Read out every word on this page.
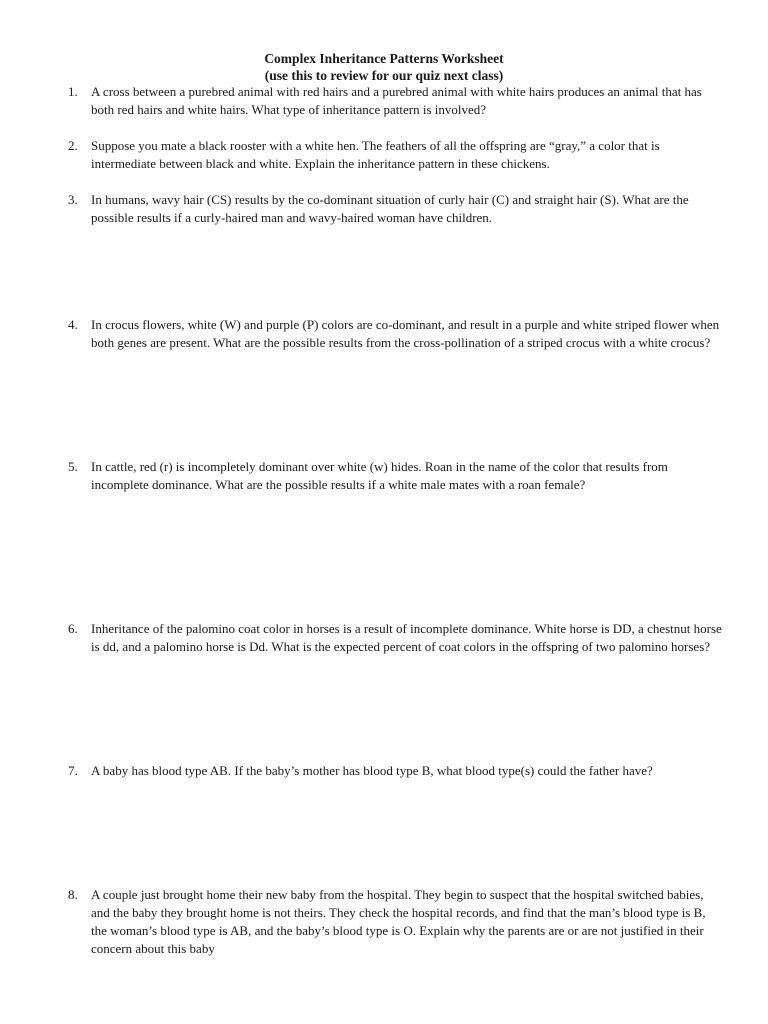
Complex Inheritance Patterns Worksheet
(use this to review for our quiz next class)
1.	A cross between a purebred animal with red hairs and a purebred animal with white hairs produces an animal that has both red hairs and white hairs. What type of inheritance pattern is involved?
2.	Suppose you mate a black rooster with a white hen. The feathers of all the offspring are “gray,” a color that is intermediate between black and white. Explain the inheritance pattern in these chickens.
3.	In humans, wavy hair (CS) results by the co-dominant situation of curly hair (C) and straight hair (S). What are the possible results if a curly-haired man and wavy-haired woman have children.
4.	In crocus flowers, white (W) and purple (P) colors are co-dominant, and result in a purple and white striped flower when both genes are present. What are the possible results from the cross-pollination of a striped crocus with a white crocus?
5.	In cattle, red (r) is incompletely dominant over white (w) hides. Roan in the name of the color that results from incomplete dominance. What are the possible results if a white male mates with a roan female?
6.	Inheritance of the palomino coat color in horses is a result of incomplete dominance. White horse is DD, a chestnut horse is dd, and a palomino horse is Dd. What is the expected percent of coat colors in the offspring of two palomino horses?
7.	A baby has blood type AB. If the baby’s mother has blood type B, what blood type(s) could the father have?
8.	A couple just brought home their new baby from the hospital. They begin to suspect that the hospital switched babies, and the baby they brought home is not theirs. They check the hospital records, and find that the man’s blood type is B, the woman’s blood type is AB, and the baby’s blood type is O. Explain why the parents are or are not justified in their concern about this baby
